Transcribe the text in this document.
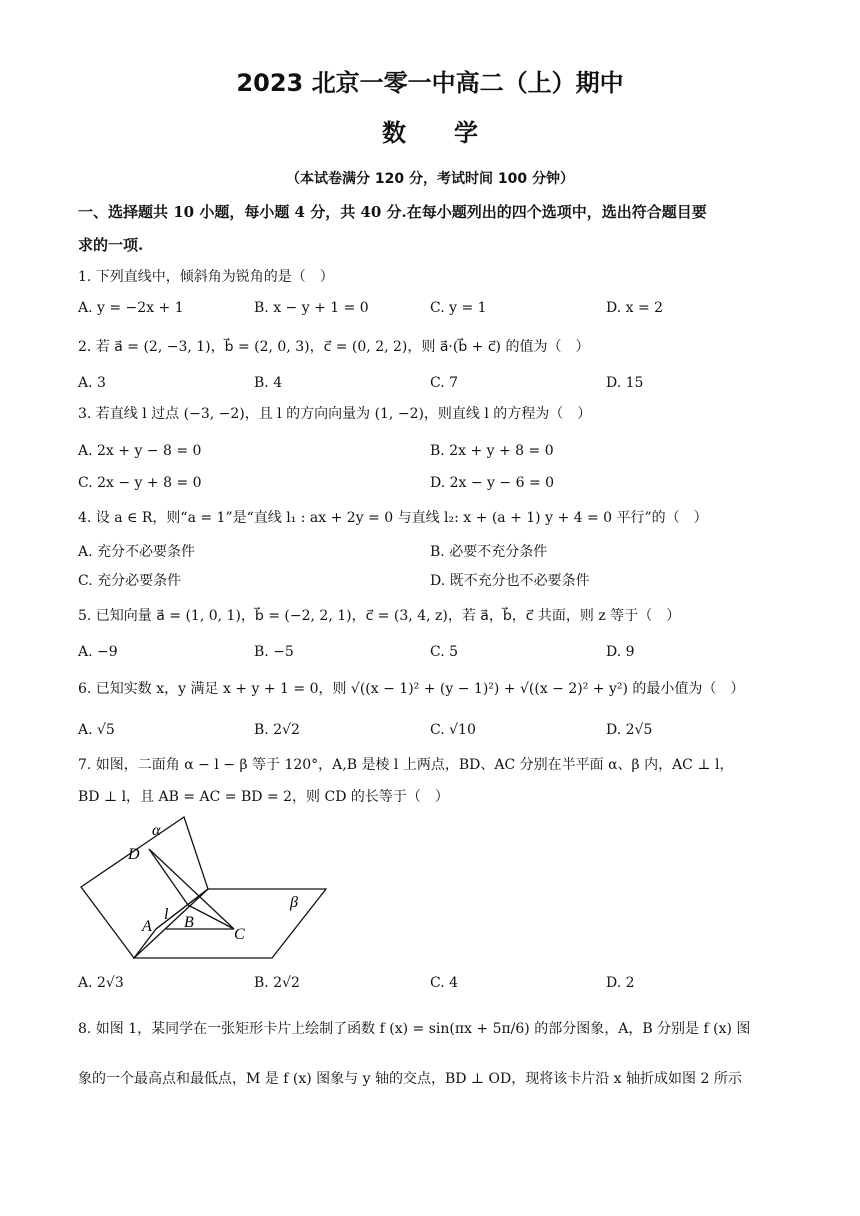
2023 北京一零一中高二（上）期中
数　　学
（本试卷满分 120 分，考试时间 100 分钟）
一、选择题共 10 小题，每小题 4 分，共 40 分.在每小题列出的四个选项中，选出符合题目要
求的一项.
1. 下列直线中，倾斜角为锐角的是（　）
A. y = −2x + 1	B. x − y + 1 = 0	C. y = 1	D. x = 2
2. 若 a⃗ = (2, −3, 1)，b⃗ = (2, 0, 3)，c⃗ = (0, 2, 2)，则 a⃗·(b⃗ + c⃗) 的值为（　）
A. 3	B. 4	C. 7	D. 15
3. 若直线 l 过点 (−3, −2)，且 l 的方向向量为 (1, −2)，则直线 l 的方程为（　）
A. 2x + y − 8 = 0	B. 2x + y + 8 = 0
C. 2x − y + 8 = 0	D. 2x − y − 6 = 0
4. 设 a ∈ R，则“a = 1”是“直线 l₁ : ax + 2y = 0 与直线 l₂: x + (a + 1) y + 4 = 0 平行”的（　）
A. 充分不必要条件	B. 必要不充分条件
C. 充分必要条件	D. 既不充分也不必要条件
5. 已知向量 a⃗ = (1, 0, 1)，b⃗ = (−2, 2, 1)，c⃗ = (3, 4, z)，若 a⃗，b⃗，c⃗ 共面，则 z 等于（　）
A. −9	B. −5	C. 5	D. 9
6. 已知实数 x，y 满足 x + y + 1 = 0，则 √((x − 1)² + (y − 1)²) + √((x − 2)² + y²) 的最小值为（　）
A. √5	B. 2√2	C. √10	D. 2√5
7. 如图，二面角 α − l − β 等于 120°，A,B 是棱 l 上两点，BD、AC 分别在半平面 α、β 内，AC ⊥ l，
BD ⊥ l，且 AB = AC = BD = 2，则 CD 的长等于（　）
α
D
β
l
A B
C
A. 2√3	B. 2√2	C. 4	D. 2
8. 如图 1，某同学在一张矩形卡片上绘制了函数 f (x) = sin(πx + 5π/6) 的部分图象，A，B 分别是 f (x) 图
象的一个最高点和最低点，M 是 f (x) 图象与 y 轴的交点，BD ⊥ OD，现将该卡片沿 x 轴折成如图 2 所示
